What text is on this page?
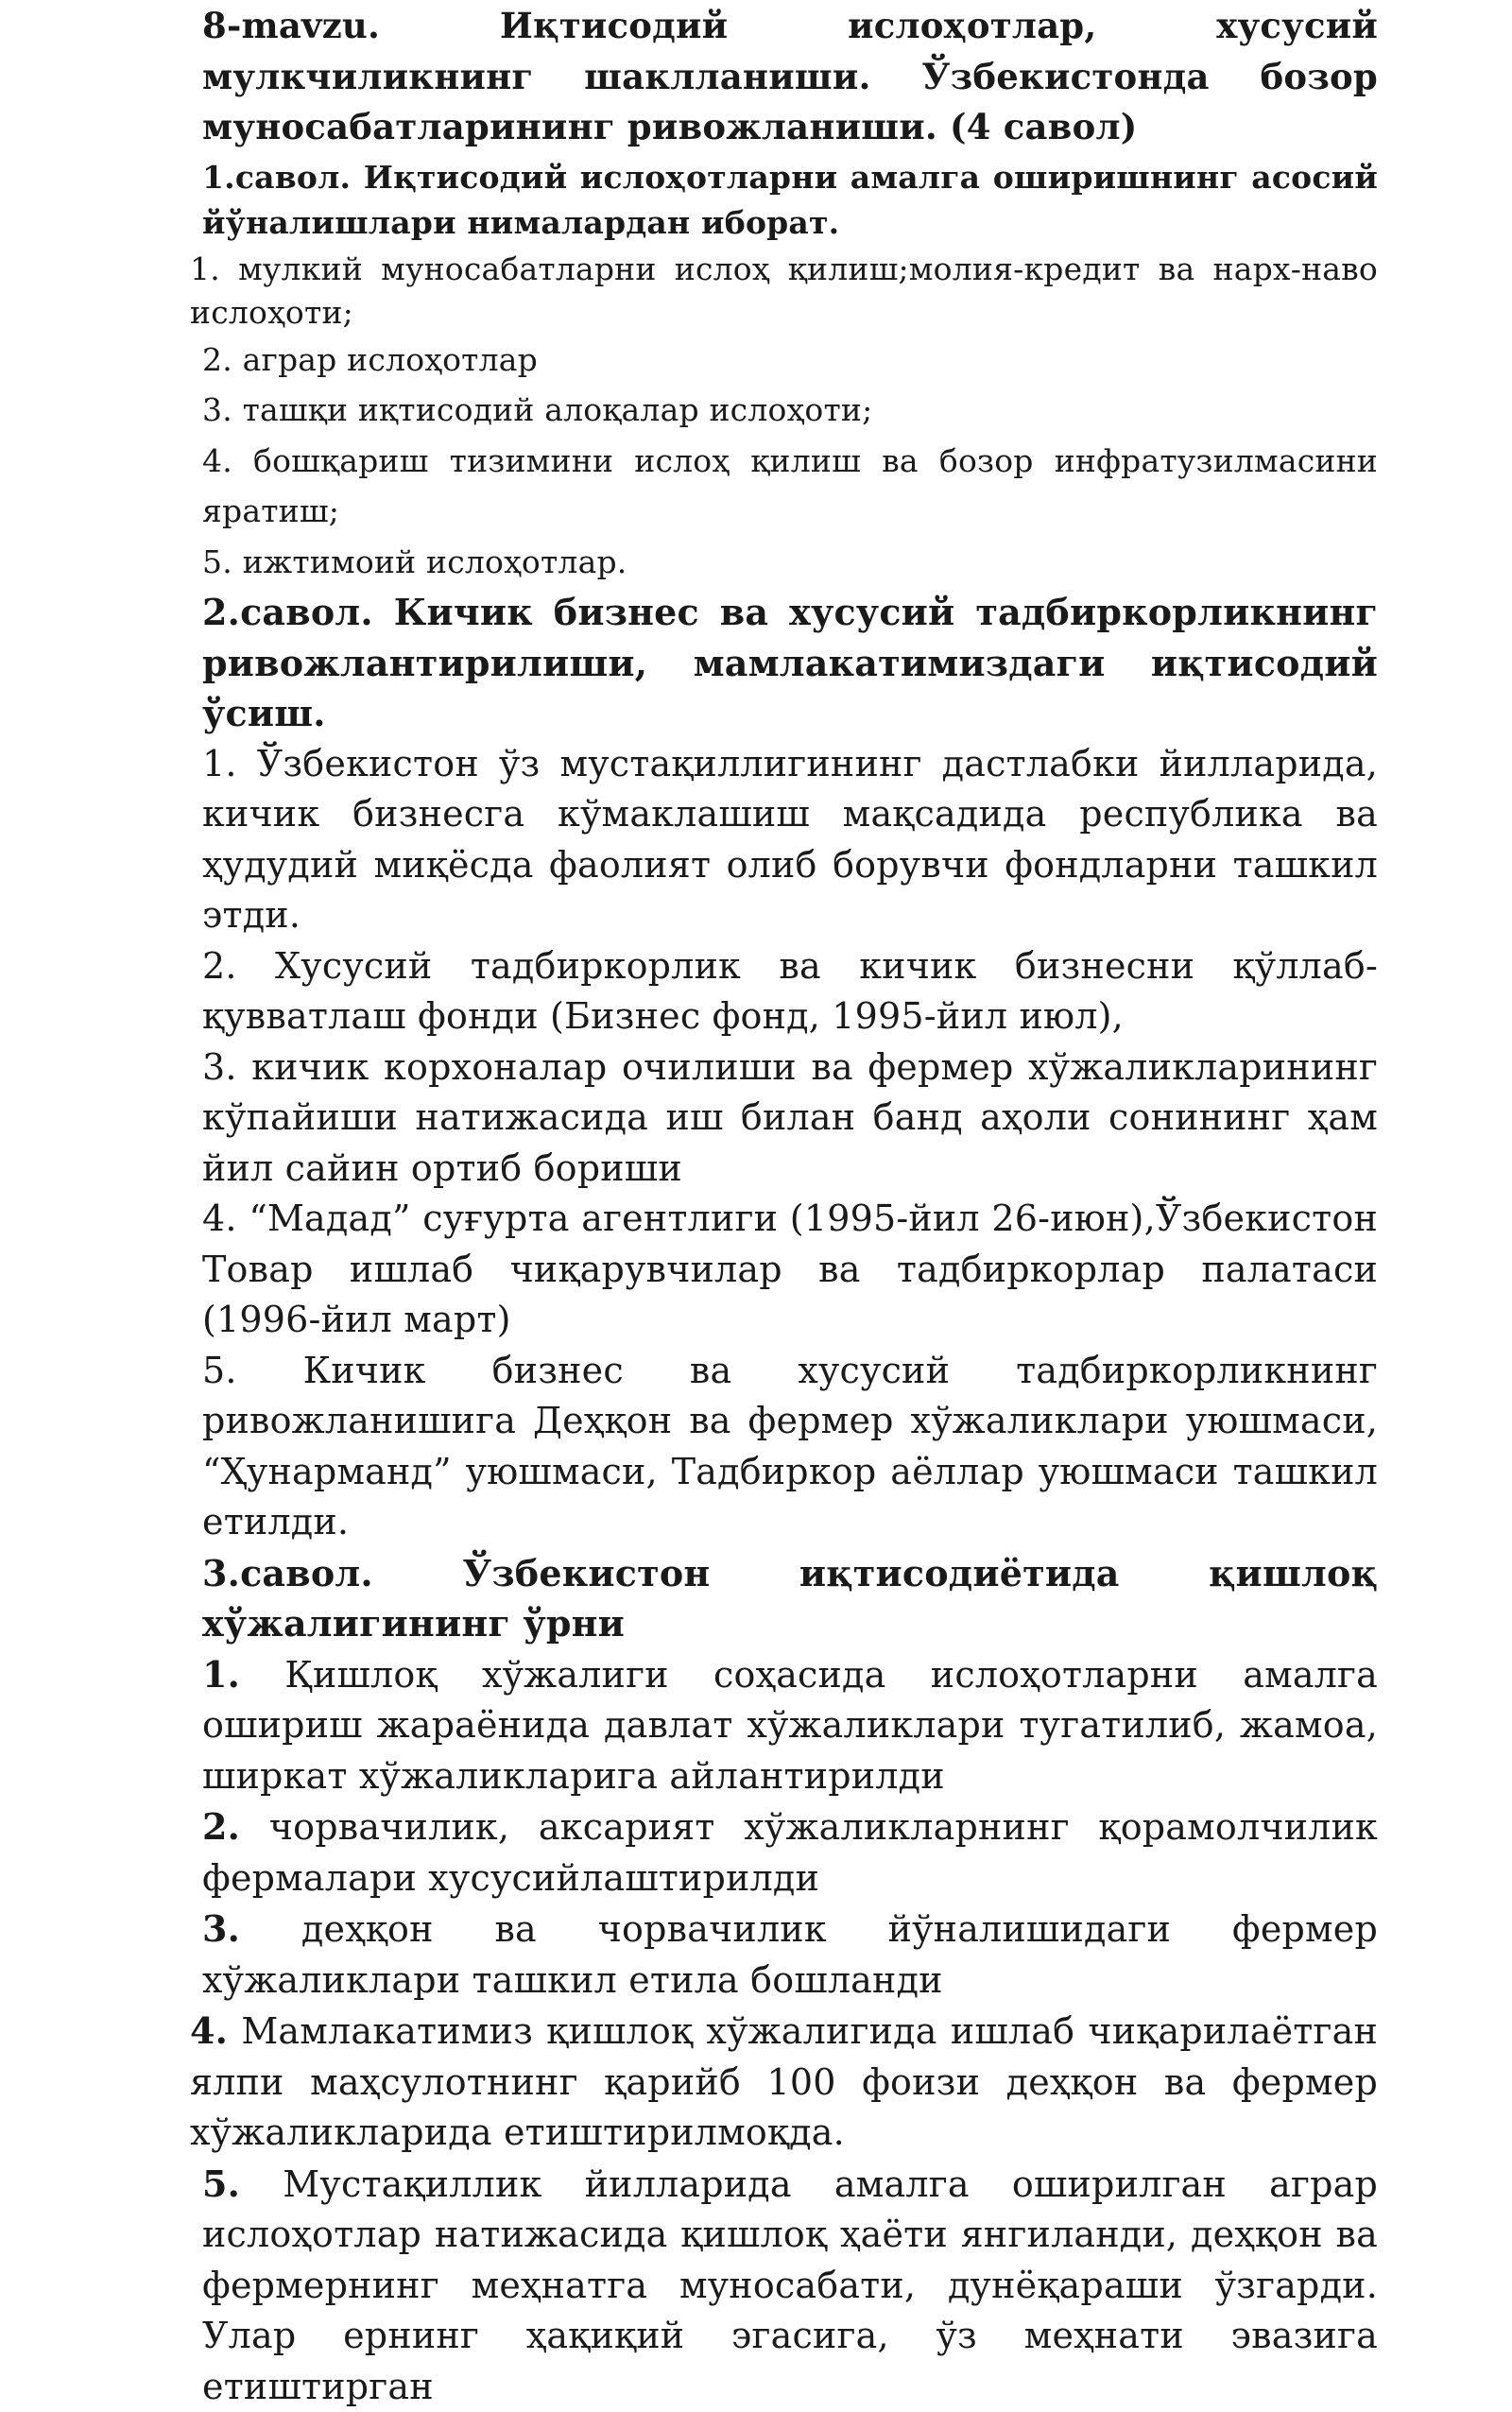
8-mavzu. Иқтисодий ислоҳотлар, хусусий мулкчиликнинг шаклланиши. Ўзбекистонда бозор муносабатларининг ривожланиши. (4 савол)

1.савол. Иқтисодий ислоҳотларни амалга оширишнинг асосий йўналишлари нималардан иборат.

1. мулкий муносабатларни ислоҳ қилиш;молия-кредит ва нарх-наво ислоҳоти;

2. аграр ислоҳотлар

3. ташқи иқтисодий алоқалар ислоҳоти;

4. бошқариш тизимини ислоҳ қилиш ва бозор инфратузилмасини яратиш;

5. ижтимоий ислоҳотлар.

2.савол. Кичик бизнес ва хусусий тадбиркорликнинг ривожлантирилиши, мамлакатимиздаги иқтисодий ўсиш.

1. Ўзбекистон ўз мустақиллигининг дастлабки йилларида, кичик бизнесга кўмаклашиш мақсадида республика ва ҳудудий миқёсда фаолият олиб борувчи фондларни ташкил этди.

2. Хусусий тадбиркорлик ва кичик бизнесни қўллаб-қувватлаш фонди (Бизнес фонд, 1995-йил июл),

3. кичик корхоналар очилиши ва фермер хўжаликларининг кўпайиши натижасида иш билан банд аҳоли сонининг ҳам йил сайин ортиб бориши

4. “Мадад” суғурта агентлиги (1995-йил 26-июн),Ўзбекистон Товар ишлаб чиқарувчилар ва тадбиркорлар палатаси (1996-йил март)

5. Кичик бизнес ва хусусий тадбиркорликнинг ривожланишига Деҳқон ва фермер хўжаликлари уюшмаси, “Ҳунарманд” уюшмаси, Тадбиркор аёллар уюшмаси ташкил етилди.

3.савол. Ўзбекистон иқтисодиётида қишлоқ хўжалигининг ўрни

1. Қишлоқ хўжалиги соҳасида ислоҳотларни амалга ошириш жараёнида давлат хўжаликлари тугатилиб, жамоа, ширкат хўжаликларига айлантирилди

2. чорвачилик, аксарият хўжаликларнинг қорамолчилик фермалари хусусийлаштирилди

3. деҳқон ва чорвачилик йўналишидаги фермер хўжаликлари ташкил етила бошланди

4. Мамлакатимиз қишлоқ хўжалигида ишлаб чиқарилаётган ялпи маҳсулотнинг қарийб 100 фоизи деҳқон ва фермер хўжаликларида етиштирилмоқда.

5. Мустақиллик йилларида амалга оширилган аграр ислоҳотлар натижасида қишлоқ ҳаёти янгиланди, деҳқон ва фермернинг меҳнатга муносабати, дунёқараши ўзгарди. Улар ернинг ҳақиқий эгасига, ўз меҳнати эвазига етиштирган
